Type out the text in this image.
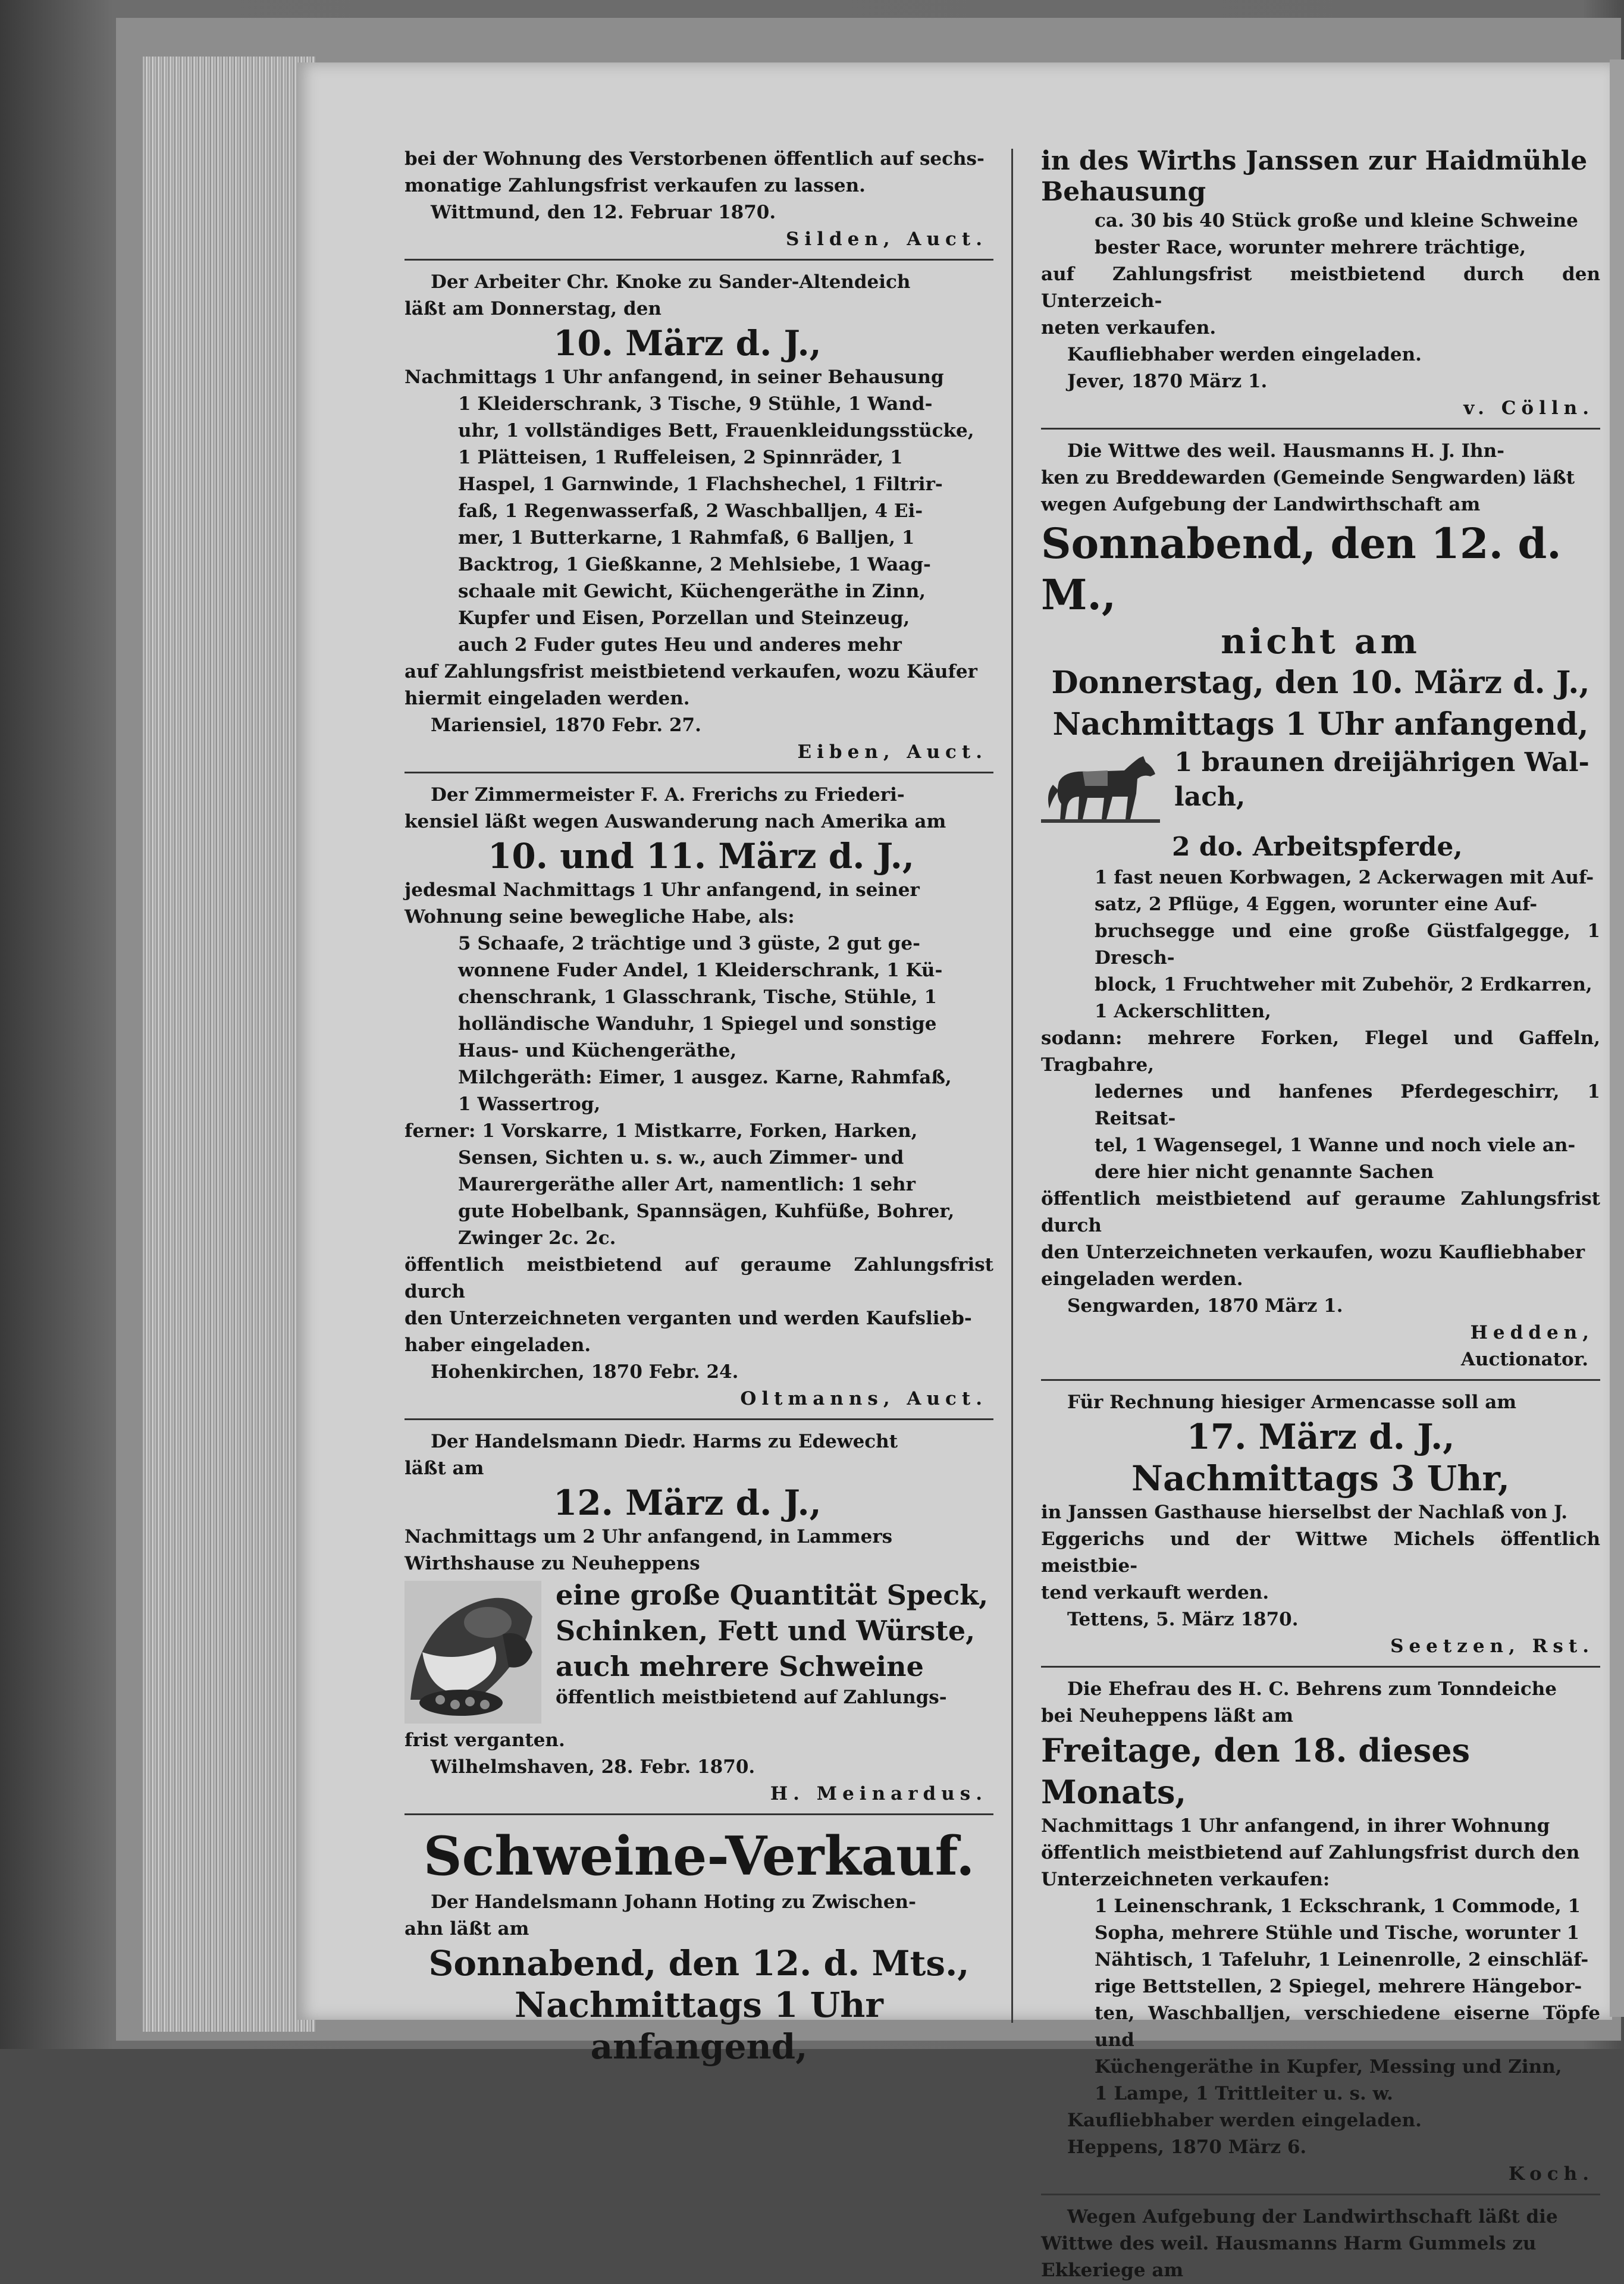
bei der Wohnung des Verstorbenen öffentlich auf sechs-

monatige Zahlungsfrist verkaufen zu lassen.

Wittmund, den 12. Februar 1870.

Silden, Auct.

Der Arbeiter Chr. Knoke zu Sander-Altendeich

läßt am Donnerstag, den

10. März d. J.,

Nachmittags 1 Uhr anfangend, in seiner Behausung

1 Kleiderschrank, 3 Tische, 9 Stühle, 1 Wand-

uhr, 1 vollständiges Bett, Frauenkleidungsstücke,

1 Plätteisen, 1 Ruffeleisen, 2 Spinnräder, 1

Haspel, 1 Garnwinde, 1 Flachshechel, 1 Filtrir-

faß, 1 Regenwasserfaß, 2 Waschballjen, 4 Ei-

mer, 1 Butterkarne, 1 Rahmfaß, 6 Balljen, 1

Backtrog, 1 Gießkanne, 2 Mehlsiebe, 1 Waag-

schaale mit Gewicht, Küchengeräthe in Zinn,

Kupfer und Eisen, Porzellan und Steinzeug,

auch 2 Fuder gutes Heu und anderes mehr

auf Zahlungsfrist meistbietend verkaufen, wozu Käufer

hiermit eingeladen werden.

Mariensiel, 1870 Febr. 27.

Eiben, Auct.

Der Zimmermeister F. A. Frerichs zu Friederi-

kensiel läßt wegen Auswanderung nach Amerika am

10. und 11. März d. J.,

jedesmal Nachmittags 1 Uhr anfangend, in seiner

Wohnung seine bewegliche Habe, als:

5 Schaafe, 2 trächtige und 3 güste, 2 gut ge-

wonnene Fuder Andel, 1 Kleiderschrank, 1 Kü-

chenschrank, 1 Glasschrank, Tische, Stühle, 1

holländische Wanduhr, 1 Spiegel und sonstige

Haus- und Küchengeräthe,

Milchgeräth: Eimer, 1 ausgez. Karne, Rahmfaß,

1 Wassertrog,

ferner: 1 Vorskarre, 1 Mistkarre, Forken, Harken,

Sensen, Sichten u. s. w., auch Zimmer- und

Maurergeräthe aller Art, namentlich: 1 sehr

gute Hobelbank, Spannsägen, Kuhfüße, Bohrer,

Zwinger 2c. 2c.

öffentlich meistbietend auf geraume Zahlungsfrist durch

den Unterzeichneten verganten und werden Kaufslieb-

haber eingeladen.

Hohenkirchen, 1870 Febr. 24.

Oltmanns, Auct.

Der Handelsmann Diedr. Harms zu Edewecht

läßt am

12. März d. J.,

Nachmittags um 2 Uhr anfangend, in Lammers

Wirthshause zu Neuheppens

eine große Quantität Speck,

Schinken, Fett und Würste,

auch mehrere Schweine

öffentlich meistbietend auf Zahlungs-

frist verganten.

Wilhelmshaven, 28. Febr. 1870.

H. Meinardus.

Schweine-Verkauf.

Der Handelsmann Johann Hoting zu Zwischen-

ahn läßt am

Sonnabend, den 12. d. Mts.,

Nachmittags 1 Uhr anfangend,

in des Wirths Janssen zur Haidmühle

Behausung

ca. 30 bis 40 Stück große und kleine Schweine

bester Race, worunter mehrere trächtige,

auf Zahlungsfrist meistbietend durch den Unterzeich-

neten verkaufen.

Kaufliebhaber werden eingeladen.

Jever, 1870 März 1.

v. Cölln.

Die Wittwe des weil. Hausmanns H. J. Ihn-

ken zu Breddewarden (Gemeinde Sengwarden) läßt

wegen Aufgebung der Landwirthschaft am

Sonnabend, den 12. d. M.,

nicht am

Donnerstag, den 10. März d. J.,

Nachmittags 1 Uhr anfangend,

1 braunen dreijährigen Wal-

lach,

2 do. Arbeitspferde,

1 fast neuen Korbwagen, 2 Ackerwagen mit Auf-

satz, 2 Pflüge, 4 Eggen, worunter eine Auf-

bruchsegge und eine große Güstfalgegge, 1 Dresch-

block, 1 Fruchtweher mit Zubehör, 2 Erdkarren,

1 Ackerschlitten,

sodann: mehrere Forken, Flegel und Gaffeln, Tragbahre,

ledernes und hanfenes Pferdegeschirr, 1 Reitsat-

tel, 1 Wagensegel, 1 Wanne und noch viele an-

dere hier nicht genannte Sachen

öffentlich meistbietend auf geraume Zahlungsfrist durch

den Unterzeichneten verkaufen, wozu Kaufliebhaber

eingeladen werden.

Sengwarden, 1870 März 1.

Hedden,

Auctionator.

Für Rechnung hiesiger Armencasse soll am

17. März d. J.,

Nachmittags 3 Uhr,

in Janssen Gasthause hierselbst der Nachlaß von J.

Eggerichs und der Wittwe Michels öffentlich meistbie-

tend verkauft werden.

Tettens, 5. März 1870.

Seetzen, Rst.

Die Ehefrau des H. C. Behrens zum Tonndeiche

bei Neuheppens läßt am

Freitage, den 18. dieses Monats,

Nachmittags 1 Uhr anfangend, in ihrer Wohnung

öffentlich meistbietend auf Zahlungsfrist durch den

Unterzeichneten verkaufen:

1 Leinenschrank, 1 Eckschrank, 1 Commode, 1

Sopha, mehrere Stühle und Tische, worunter 1

Nähtisch, 1 Tafeluhr, 1 Leinenrolle, 2 einschläf-

rige Bettstellen, 2 Spiegel, mehrere Hängebor-

ten, Waschballjen, verschiedene eiserne Töpfe und

Küchengeräthe in Kupfer, Messing und Zinn,

1 Lampe, 1 Trittleiter u. s. w.

Kaufliebhaber werden eingeladen.

Heppens, 1870 März 6.

Koch.

Wegen Aufgebung der Landwirthschaft läßt die

Wittwe des weil. Hausmanns Harm Gummels zu

Ekkeriege am
